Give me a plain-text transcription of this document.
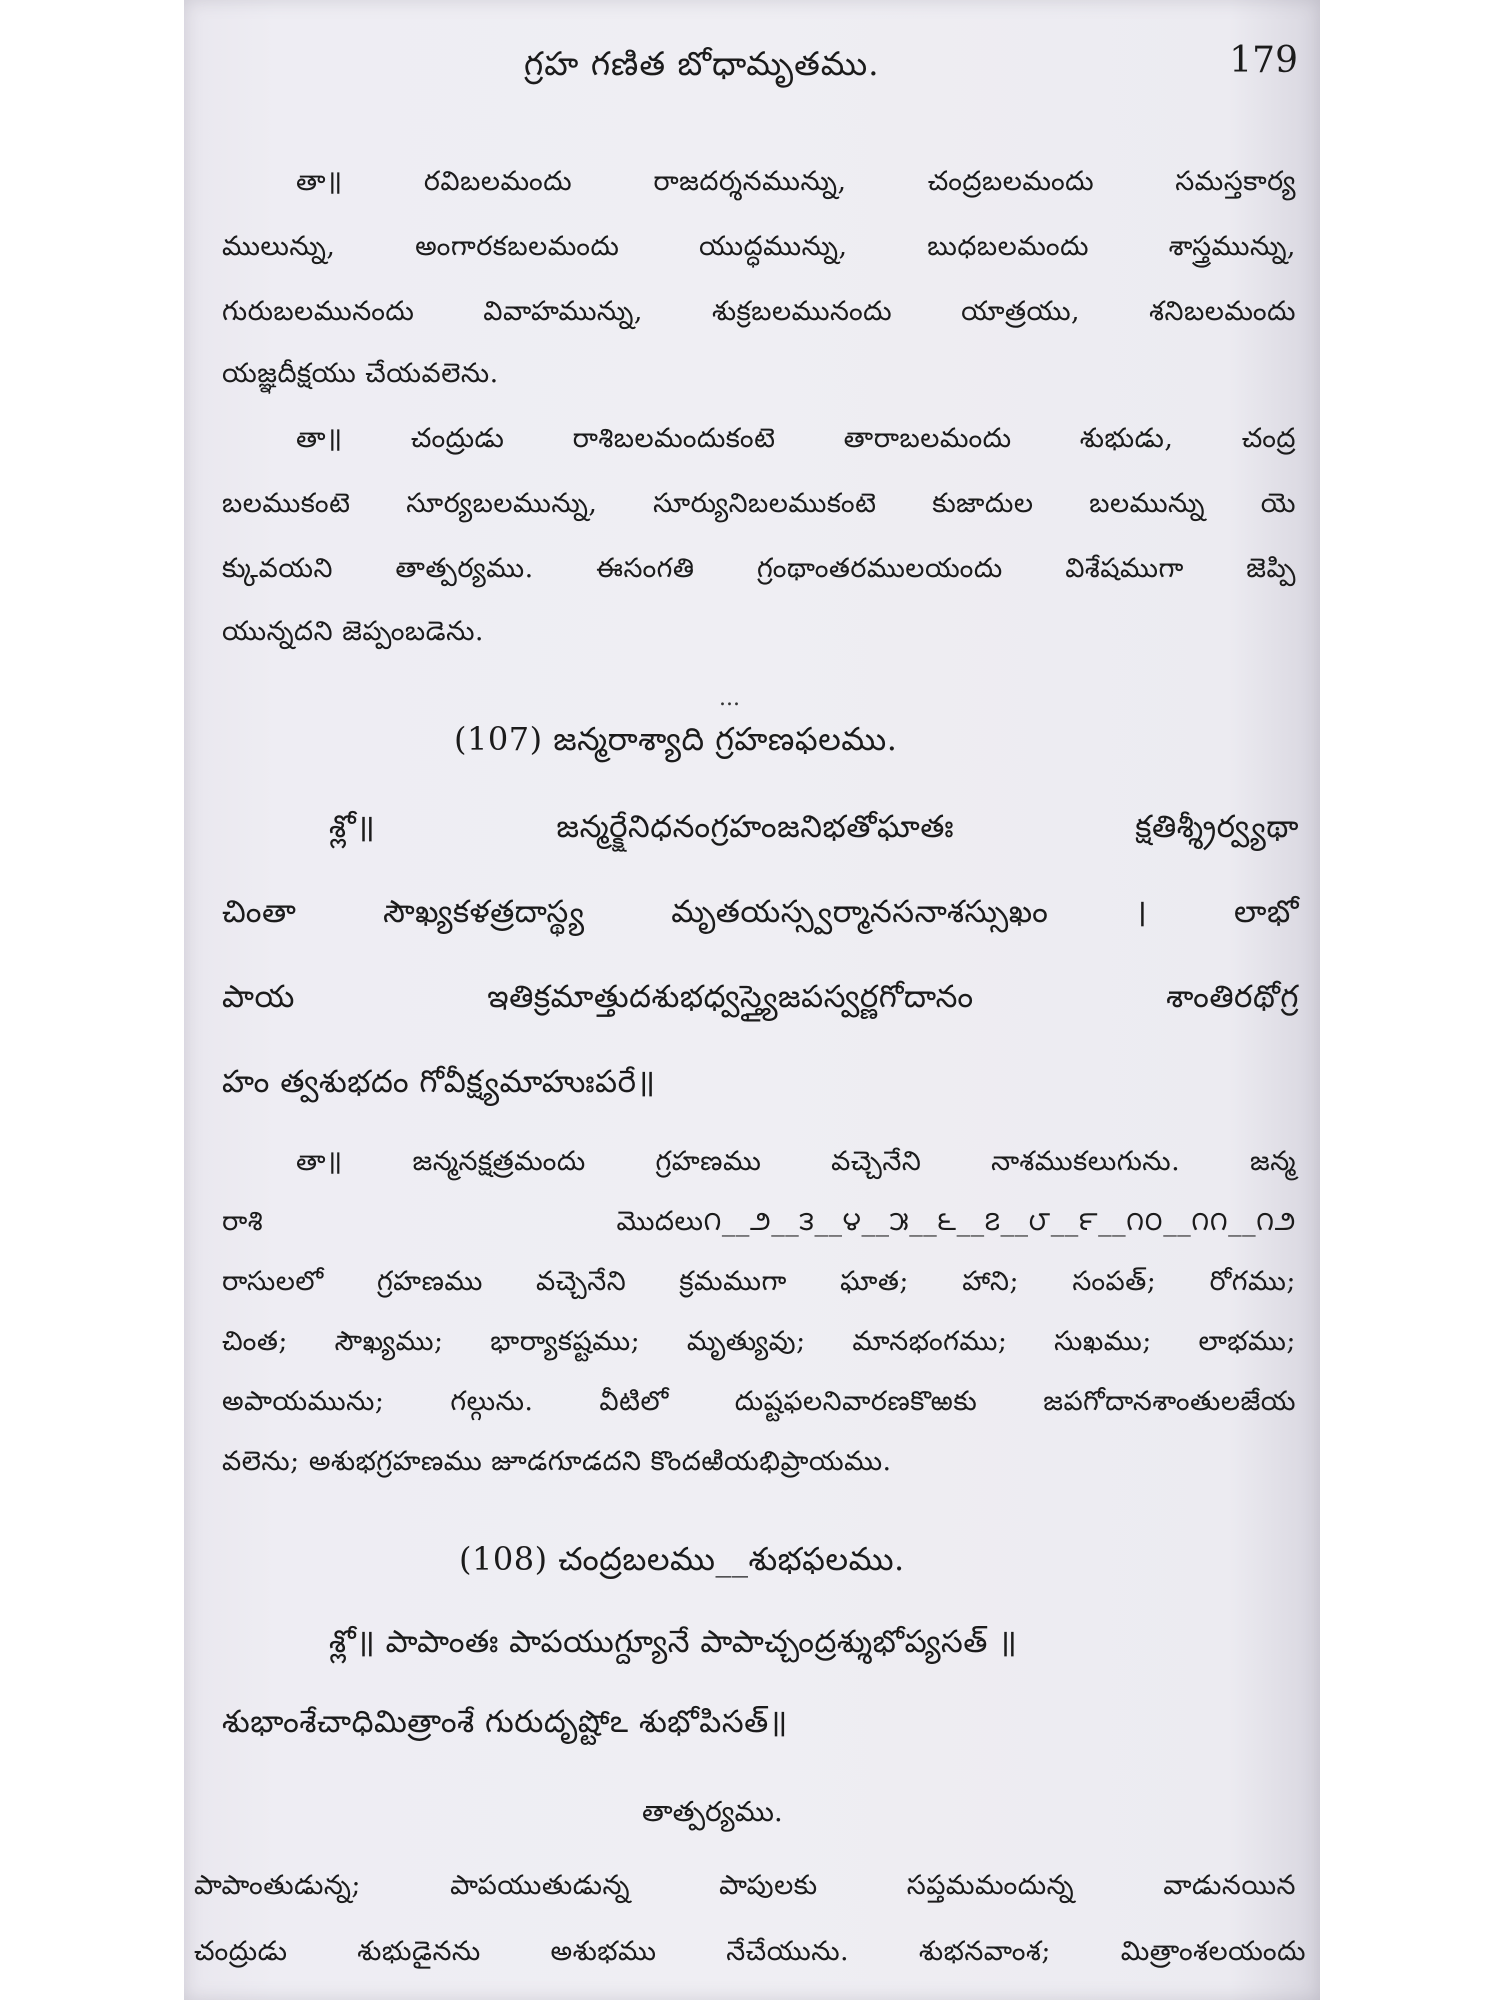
గ్రహ గణిత బోధామృతము.	179
తా॥ రవిబలమందు రాజదర్శనమున్ను, చంద్రబలమందు సమస్తకార్య
ములున్ను, అంగారకబలమందు యుద్ధమున్ను, బుధబలమందు శాస్త్రమున్ను,
గురుబలమునందు వివాహమున్ను, శుక్రబలమునందు యాత్రయు, శనిబలమందు
యజ్ఞదీక్షయు చేయవలెను.
తా॥ చంద్రుడు రాశిబలమందుకంటె తారాబలమందు శుభుడు, చంద్ర
బలముకంటె సూర్యబలమున్ను, సూర్యునిబలముకంటె కుజాదుల బలమున్ను యె
క్కువయని తాత్పర్యము. ఈసంగతి గ్రంథాంతరములయందు విశేషముగా జెప్పి
యున్నదని జెప్పంబడెను.
...
(107) జన్మరాశ్యాది గ్రహణఫలము.
శ్లో॥ జన్మర్క్షేనిధనంగ్రహంజనిభతోఘాతః క్షతిశ్శ్రీర్వ్యథా
చింతా సౌఖ్యకళత్రదాస్థ్య మృతయస్స్వర్మానసనాశస్సుఖం । లాభో
పాయ ఇతిక్రమాత్తుదశుభధ్వస్త్యైజపస్వర్ణగోదానం శాంతిరథోగ్ర
హం త్వశుభదం గోవీక్ష్యమాహుఃపరే॥
తా॥ జన్మనక్షత్రమందు గ్రహణము వచ్చెనేని నాశముకలుగును. జన్మ
రాశి మొదలు౧__౨__౩__౪__౫__౬__౭__౮__౯__౧౦__౧౧__౧౨
రాసులలో గ్రహణము వచ్చెనేని క్రమముగా ఘాత; హాని; సంపత్; రోగము;
చింత; సౌఖ్యము; భార్యాకష్టము; మృత్యువు; మానభంగము; సుఖము; లాభము;
అపాయమును; గల్గును. వీటిలో దుష్టఫలనివారణకొఱకు జపగోదానశాంతులజేయ
వలెను; అశుభగ్రహణము జూడగూడదని కొందఱియభిప్రాయము.
(108) చంద్రబలము__శుభఫలము.
శ్లో॥ పాపాంతః పాపయుగ్ద్యూనే పాపాచ్చంద్రశ్శుభోప్యసత్ ॥
శుభాంశేచాధిమిత్రాంశే గురుదృష్టోఽ శుభోపిసత్॥
తాత్పర్యము.
పాపాంతుడున్న; పాపయుతుడున్న పాపులకు సప్తమమందున్న వాడునయిన
చంద్రుడు శుభుడైనను అశుభము నేచేయును. శుభనవాంశ; మిత్రాంశలయందు
